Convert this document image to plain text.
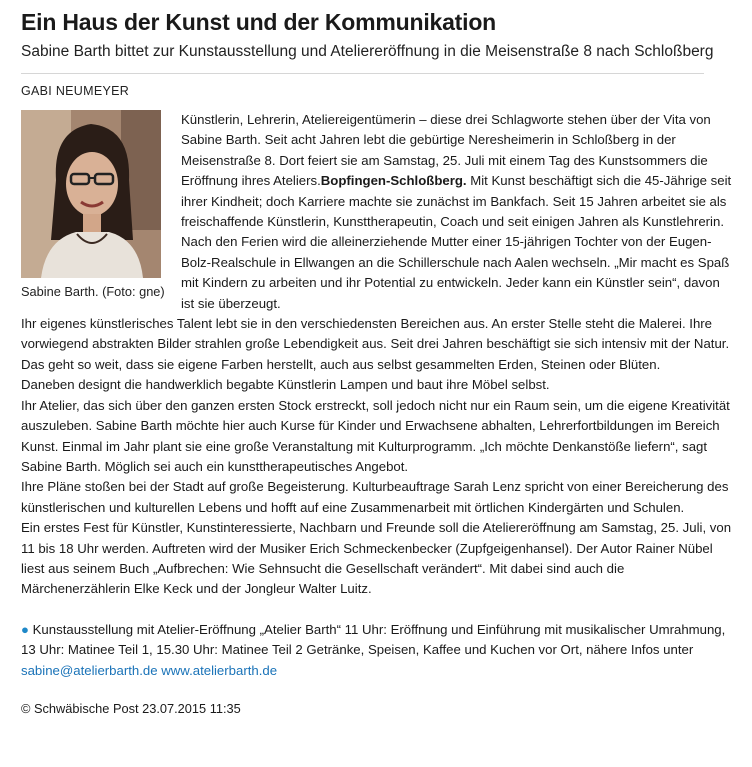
Ein Haus der Kunst und der Kommunikation

Sabine Barth bittet zur Kunstausstellung und Ateliereröffnung in die Meisenstraße 8 nach Schloßberg

GABI NEUMEYER

Sabine Barth. (Foto: gne)

Künstlerin, Lehrerin, Ateliereigentümerin – diese drei Schlagworte stehen über der Vita von Sabine Barth. Seit acht Jahren lebt die gebürtige Neresheimerin in Schloßberg in der Meisenstraße 8. Dort feiert sie am Samstag, 25. Juli mit einem Tag des Kunstsommers die Eröffnung ihres Ateliers.Bopfingen-Schloßberg. Mit Kunst beschäftigt sich die 45-Jährige seit ihrer Kindheit; doch Karriere machte sie zunächst im Bankfach. Seit 15 Jahren arbeitet sie als freischaffende Künstlerin, Kunsttherapeutin, Coach und seit einigen Jahren als Kunstlehrerin. Nach den Ferien wird die alleinerziehende Mutter einer 15-jährigen Tochter von der Eugen-Bolz-Realschule in Ellwangen an die Schillerschule nach Aalen wechseln. „Mir macht es Spaß mit Kindern zu arbeiten und ihr Potential zu entwickeln. Jeder kann ein Künstler sein“, davon ist sie überzeugt.

Ihr eigenes künstlerisches Talent lebt sie in den verschiedensten Bereichen aus. An erster Stelle steht die Malerei. Ihre vorwiegend abstrakten Bilder strahlen große Lebendigkeit aus. Seit drei Jahren beschäftigt sie sich intensiv mit der Natur. Das geht so weit, dass sie eigene Farben herstellt, auch aus selbst gesammelten Erden, Steinen oder Blüten.

Daneben designt die handwerklich begabte Künstlerin Lampen und baut ihre Möbel selbst.

Ihr Atelier, das sich über den ganzen ersten Stock erstreckt, soll jedoch nicht nur ein Raum sein, um die eigene Kreativität auszuleben. Sabine Barth möchte hier auch Kurse für Kinder und Erwachsene abhalten, Lehrerfortbildungen im Bereich Kunst. Einmal im Jahr plant sie eine große Veranstaltung mit Kulturprogramm. „Ich möchte Denkanstöße liefern“, sagt Sabine Barth. Möglich sei auch ein kunsttherapeutisches Angebot.

Ihre Pläne stoßen bei der Stadt auf große Begeisterung. Kulturbeauftrage Sarah Lenz spricht von einer Bereicherung des künstlerischen und kulturellen Lebens und hofft auf eine Zusammenarbeit mit örtlichen Kindergärten und Schulen.

Ein erstes Fest für Künstler, Kunstinteressierte, Nachbarn und Freunde soll die Ateliereröffnung am Samstag, 25. Juli, von 11 bis 18 Uhr werden. Auftreten wird der Musiker Erich Schmeckenbecker (Zupfgeigenhansel). Der Autor Rainer Nübel liest aus seinem Buch „Aufbrechen: Wie Sehnsucht die Gesellschaft verändert“. Mit dabei sind auch die Märchenerzählerin Elke Keck und der Jongleur Walter Luitz.

● Kunstausstellung mit Atelier-Eröffnung „Atelier Barth“ 11 Uhr: Eröffnung und Einführung mit musikalischer Umrahmung, 13 Uhr: Matinee Teil 1, 15.30 Uhr: Matinee Teil 2 Getränke, Speisen, Kaffee und Kuchen vor Ort, nähere Infos unter sabine@atelierbarth.de www.atelierbarth.de

© Schwäbische Post 23.07.2015 11:35
